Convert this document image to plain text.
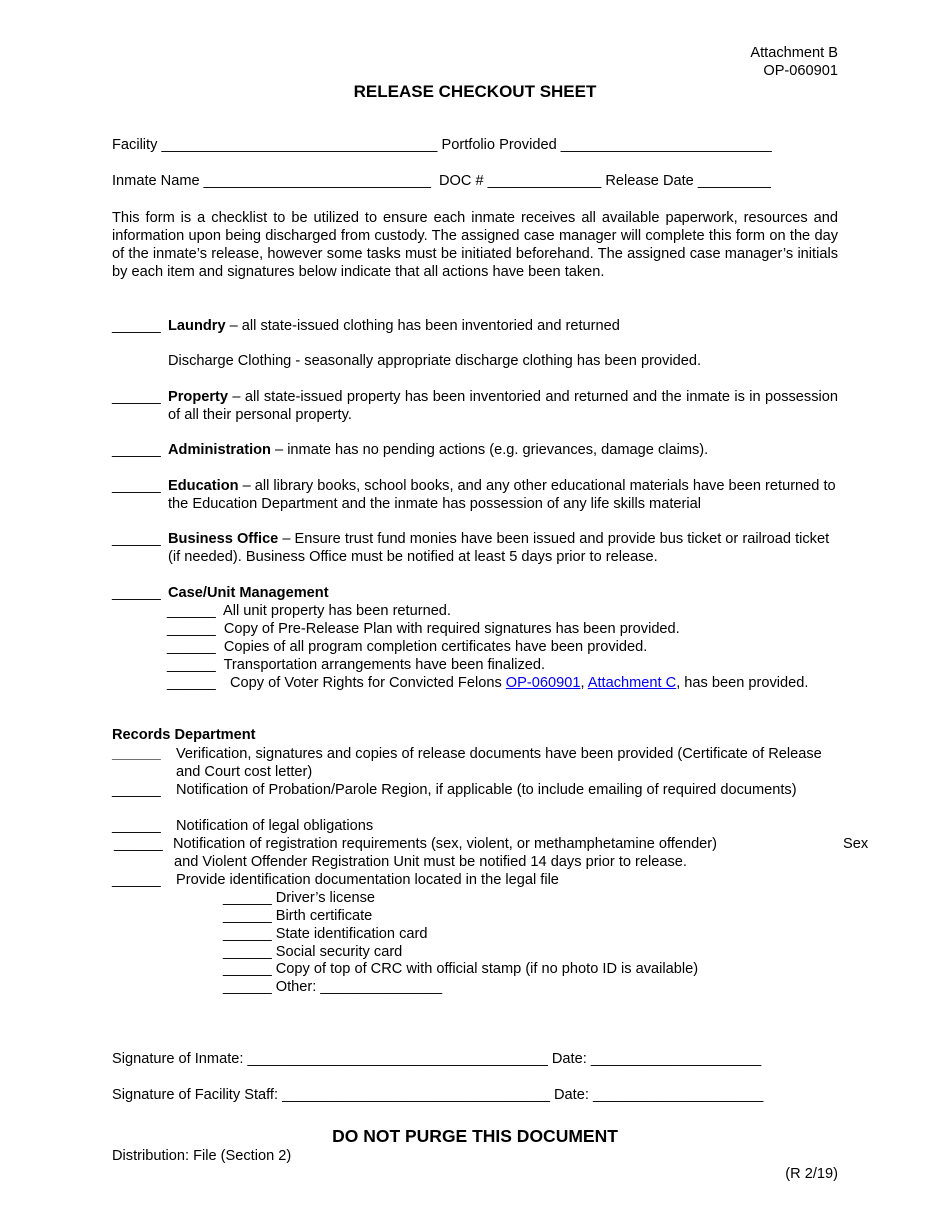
Attachment B
OP-060901
RELEASE CHECKOUT SHEET
Facility __________________________________ Portfolio Provided __________________________
Inmate Name ____________________________ DOC # ______________ Release Date _________
This form is a checklist to be utilized to ensure each inmate receives all available paperwork, resources and information upon being discharged from custody. The assigned case manager will complete this form on the day of the inmate’s release, however some tasks must be initiated beforehand. The assigned case manager’s initials by each item and signatures below indicate that all actions have been taken.
______ Laundry – all state-issued clothing has been inventoried and returned
Discharge Clothing - seasonally appropriate discharge clothing has been provided.
______ Property – all state-issued property has been inventoried and returned and the inmate is in possession of all their personal property.
______ Administration – inmate has no pending actions (e.g. grievances, damage claims).
______ Education – all library books, school books, and any other educational materials have been returned to the Education Department and the inmate has possession of any life skills material
______ Business Office – Ensure trust fund monies have been issued and provide bus ticket or railroad ticket (if needed). Business Office must be notified at least 5 days prior to release.
______ Case/Unit Management
______ All unit property has been returned.
______ Copy of Pre-Release Plan with required signatures has been provided.
______ Copies of all program completion certificates have been provided.
______ Transportation arrangements have been finalized.
______ Copy of Voter Rights for Convicted Felons OP-060901, Attachment C, has been provided.
Records Department
______ Verification, signatures and copies of release documents have been provided (Certificate of Release and Court cost letter)
______ Notification of Probation/Parole Region, if applicable (to include emailing of required documents)
______ Notification of legal obligations
______ Notification of registration requirements (sex, violent, or methamphetamine offender)	Sex
and Violent Offender Registration Unit must be notified 14 days prior to release.
______ Provide identification documentation located in the legal file
______ Driver’s license
______ Birth certificate
______ State identification card
______ Social security card
______ Copy of top of CRC with official stamp (if no photo ID is available)
______ Other: _______________
Signature of Inmate: _____________________________________ Date: _____________________
Signature of Facility Staff: _________________________________ Date: _____________________
DO NOT PURGE THIS DOCUMENT
Distribution: File (Section 2)
(R 2/19)
